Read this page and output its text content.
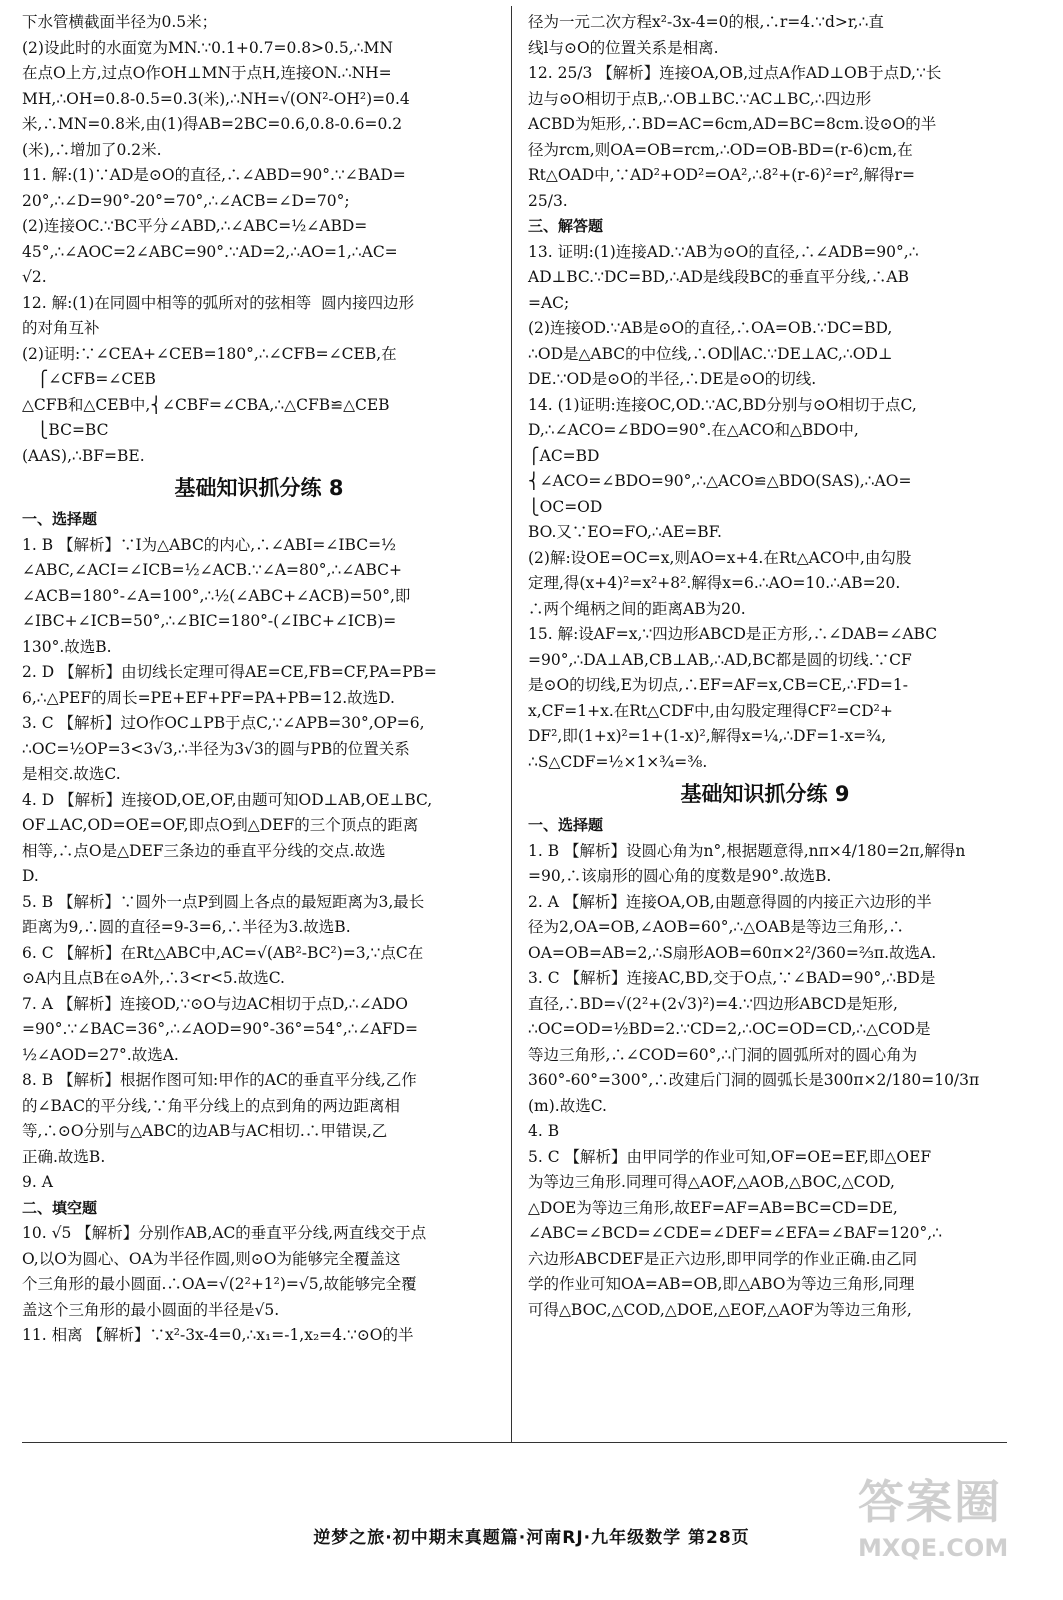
下水管横截面半径为0.5米；
(2)设此时的水面宽为MN.∵0.1+0.7=0.8>0.5,∴MN
在点O上方,过点O作OH⊥MN于点H,连接ON.∴NH=
MH,∴OH=0.8-0.5=0.3(米),∴NH=√(ON²-OH²)=0.4
米,∴MN=0.8米,由(1)得AB=2BC=0.6,0.8-0.6=0.2
(米),∴增加了0.2米.
11. 解:(1)∵AD是⊙O的直径,∴∠ABD=90°.∵∠BAD=
20°,∴∠D=90°-20°=70°,∴∠ACB=∠D=70°;
(2)连接OC.∵BC平分∠ABD,∴∠ABC=½∠ABD=
45°,∴∠AOC=2∠ABC=90°.∵AD=2,∴AO=1,∴AC=
√2.
12. 解:(1)在同圆中相等的弧所对的弦相等  圆内接四边形
的对角互补
(2)证明:∵∠CEA+∠CEB=180°,∴∠CFB=∠CEB,在
⎧∠CFB=∠CEB
△CFB和△CEB中,⎨∠CBF=∠CBA,∴△CFB≌△CEB
⎩BC=BC
(AAS),∴BF=BE.
基础知识抓分练 8
一、选择题
1. B 【解析】∵I为△ABC的内心,∴∠ABI=∠IBC=½
∠ABC,∠ACI=∠ICB=½∠ACB.∵∠A=80°,∴∠ABC+
∠ACB=180°-∠A=100°,∴½(∠ABC+∠ACB)=50°,即
∠IBC+∠ICB=50°,∴∠BIC=180°-(∠IBC+∠ICB)=
130°.故选B.
2. D 【解析】由切线长定理可得AE=CE,FB=CF,PA=PB=
6,∴△PEF的周长=PE+EF+PF=PA+PB=12.故选D.
3. C 【解析】过O作OC⊥PB于点C,∵∠APB=30°,OP=6,
∴OC=½OP=3<3√3,∴半径为3√3的圆与PB的位置关系
是相交.故选C.
4. D 【解析】连接OD,OE,OF,由题可知OD⊥AB,OE⊥BC,
OF⊥AC,OD=OE=OF,即点O到△DEF的三个顶点的距离
相等,∴点O是△DEF三条边的垂直平分线的交点.故选
D.
5. B 【解析】∵圆外一点P到圆上各点的最短距离为3,最长
距离为9,∴圆的直径=9-3=6,∴半径为3.故选B.
6. C 【解析】在Rt△ABC中,AC=√(AB²-BC²)=3,∵点C在
⊙A内且点B在⊙A外,∴3<r<5.故选C.
7. A 【解析】连接OD,∵⊙O与边AC相切于点D,∴∠ADO
=90°.∵∠BAC=36°,∴∠AOD=90°-36°=54°,∴∠AFD=
½∠AOD=27°.故选A.
8. B 【解析】根据作图可知:甲作的AC的垂直平分线,乙作
的∠BAC的平分线,∵角平分线上的点到角的两边距离相
等,∴⊙O分别与△ABC的边AB与AC相切.∴甲错误,乙
正确.故选B.
9. A
二、填空题
10. √5 【解析】分别作AB,AC的垂直平分线,两直线交于点
O,以O为圆心、OA为半径作圆,则⊙O为能够完全覆盖这
个三角形的最小圆面.∴OA=√(2²+1²)=√5,故能够完全覆
盖这个三角形的最小圆面的半径是√5.
11. 相离 【解析】∵x²-3x-4=0,∴x₁=-1,x₂=4.∵⊙O的半
径为一元二次方程x²-3x-4=0的根,∴r=4.∵d>r,∴直
线l与⊙O的位置关系是相离.
12. 25/3 【解析】连接OA,OB,过点A作AD⊥OB于点D,∵长
边与⊙O相切于点B,∴OB⊥BC.∵AC⊥BC,∴四边形
ACBD为矩形,∴BD=AC=6cm,AD=BC=8cm.设⊙O的半
径为rcm,则OA=OB=rcm,∴OD=OB-BD=(r-6)cm,在
Rt△OAD中,∵AD²+OD²=OA²,∴8²+(r-6)²=r²,解得r=
25/3.
三、解答题
13. 证明:(1)连接AD.∵AB为⊙O的直径,∴∠ADB=90°,∴
AD⊥BC.∵DC=BD,∴AD是线段BC的垂直平分线,∴AB
=AC;
(2)连接OD.∵AB是⊙O的直径,∴OA=OB.∵DC=BD,
∴OD是△ABC的中位线,∴OD∥AC.∵DE⊥AC,∴OD⊥
DE.∵OD是⊙O的半径,∴DE是⊙O的切线.
14. (1)证明:连接OC,OD.∵AC,BD分别与⊙O相切于点C,
D,∴∠ACO=∠BDO=90°.在△ACO和△BDO中,
⎧AC=BD
⎨∠ACO=∠BDO=90°,∴△ACO≌△BDO(SAS),∴AO=
⎩OC=OD
BO.又∵EO=FO,∴AE=BF.
(2)解:设OE=OC=x,则AO=x+4.在Rt△ACO中,由勾股
定理,得(x+4)²=x²+8².解得x=6.∴AO=10.∴AB=20.
∴两个绳柄之间的距离AB为20.
15. 解:设AF=x,∵四边形ABCD是正方形,∴∠DAB=∠ABC
=90°,∴DA⊥AB,CB⊥AB,∴AD,BC都是圆的切线.∵CF
是⊙O的切线,E为切点,∴EF=AF=x,CB=CE,∴FD=1-
x,CF=1+x.在Rt△CDF中,由勾股定理得CF²=CD²+
DF²,即(1+x)²=1+(1-x)²,解得x=¼,∴DF=1-x=¾,
∴S△CDF=½×1×¾=⅜.
基础知识抓分练 9
一、选择题
1. B 【解析】设圆心角为n°,根据题意得,nπ×4/180=2π,解得n
=90,∴该扇形的圆心角的度数是90°.故选B.
2. A 【解析】连接OA,OB,由题意得圆的内接正六边形的半
径为2,OA=OB,∠AOB=60°,∴△OAB是等边三角形,∴
OA=OB=AB=2,∴S扇形AOB=60π×2²/360=⅔π.故选A.
3. C 【解析】连接AC,BD,交于O点,∵∠BAD=90°,∴BD是
直径,∴BD=√(2²+(2√3)²)=4.∵四边形ABCD是矩形,
∴OC=OD=½BD=2.∵CD=2,∴OC=OD=CD,∴△COD是
等边三角形,∴∠COD=60°,∴门洞的圆弧所对的圆心角为
360°-60°=300°,∴改建后门洞的圆弧长是300π×2/180=10/3π
(m).故选C.
4. B
5. C 【解析】由甲同学的作业可知,OF=OE=EF,即△OEF
为等边三角形.同理可得△AOF,△AOB,△BOC,△COD,
△DOE为等边三角形,故EF=AF=AB=BC=CD=DE,
∠ABC=∠BCD=∠CDE=∠DEF=∠EFA=∠BAF=120°,∴
六边形ABCDEF是正六边形,即甲同学的作业正确.由乙同
学的作业可知OA=AB=OB,即△ABO为等边三角形,同理
可得△BOC,△COD,△DOE,△EOF,△AOF为等边三角形,
逆梦之旅·初中期末真题篇·河南RJ·九年级数学 第28页
答案圈
MXQE.COM
